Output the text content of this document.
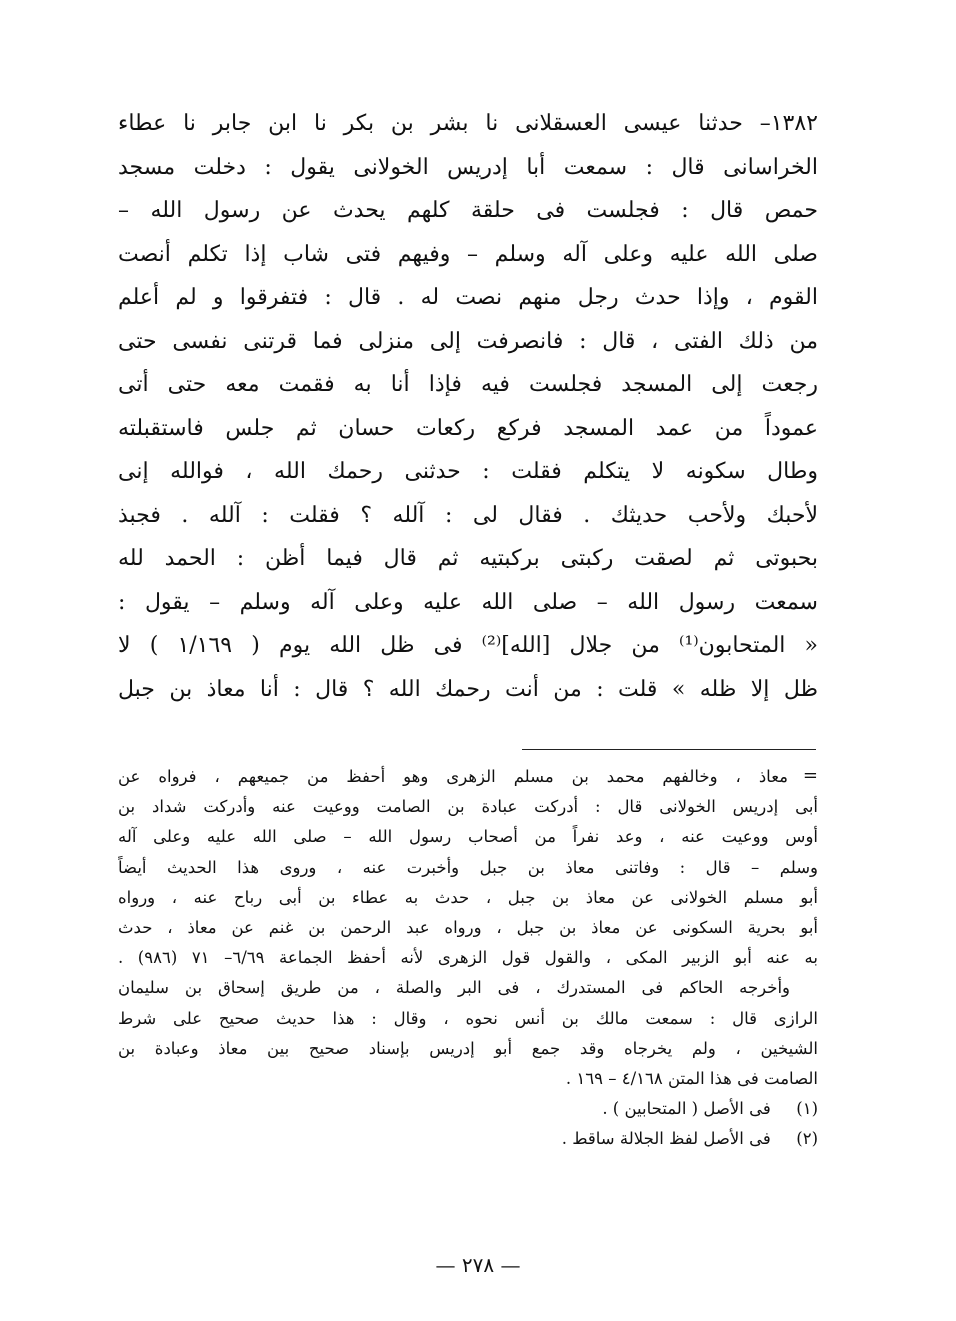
١٣٨٢– حدثنا عيسى العسقلانى نا بشر بن بكر نا ابن جابر نا عطاء
الخراسانى قال : سمعت أبا إدريس الخولانى يقول : دخلت مسجد
حمص قال : فجلست فى حلقة كلهم يحدث عن رسول الله –
صلى الله عليه وعلى آله وسلم – وفيهم فتى شاب إذا تكلم أنصت
القوم ، وإذا حدث رجل منهم نصت له . قال : فتفرقوا و لم أعلم
من ذلك الفتى ، قال : فانصرفت إلى منزلى فما قرتنى نفسى حتى
رجعت إلى المسجد فجلست فيه فإذا أنا به فقمت معه حتى أتى
عموداً من عمد المسجد فركع ركعات حسان ثم جلس فاستقبلته
وطال سكونه لا يتكلم فقلت : حدثنى رحمك الله ، فوالله إنى
لأحبك ولأحب حديثك . فقال لى : آلله ؟ فقلت : آلله . فجبذ
بحبوتى ثم لصقت ركبتى بركبتيه ثم قال فيما أظن : الحمد لله
سمعت رسول الله – صلى الله عليه وعلى آله وسلم – يقول :
« المتحابون⁽¹⁾ من جلال [الله]⁽²⁾ فى ظل الله يوم ( ١/١٦٩ ) لا
ظل إلا ظله » قلت : من أنت رحمك الله ؟ قال : أنا معاذ بن جبل
معاذ ، وخالفهم محمد بن مسلم الزهرى وهو أحفظ من جميعهم ، فرواه عن
أبى إدريس الخولانى قال : أدركت عبادة بن الصامت ووعيت عنه وأدركت شداد بن
أوس ووعيت عنه ، وعد نفراً من أصحاب رسول الله – صلى الله عليه وعلى آله
وسلم – قال : وفاتنى معاذ بن جبل وأخبرت عنه ، وروى هذا الحديث أيضاً
أبو مسلم الخولانى عن معاذ بن جبل ، حدث به عطاء بن أبى رباح عنه ، ورواه
أبو بحرية السكونى عن معاذ بن جبل ، ورواه عبد الرحمن بن غنم عن معاذ ، حدث
به عنه أبو الزبير المكى ، والقول قول الزهرى لأنه أحفظ الجماعة ٦/٦٩– ٧١ (٩٨٦) .
وأخرجه الحاكم فى المستدرك ، فى البر والصلة ، من طريق إسحاق بن سليمان
الرازى قال : سمعت مالك بن أنس نحوه ، وقال : هذا حديث صحيح على شرط
الشيخين ، ولم يخرجاه وقد جمع أبو إدريس بإسناد صحيح بين معاذ وعبادة بن
الصامت فى هذا المتن ٤/١٦٨ – ١٦٩ .
(١) فى الأصل ( المتحابين ) .
(٢) فى الأصل لفظ الجلالة ساقط .
=
— ٢٧٨ —
